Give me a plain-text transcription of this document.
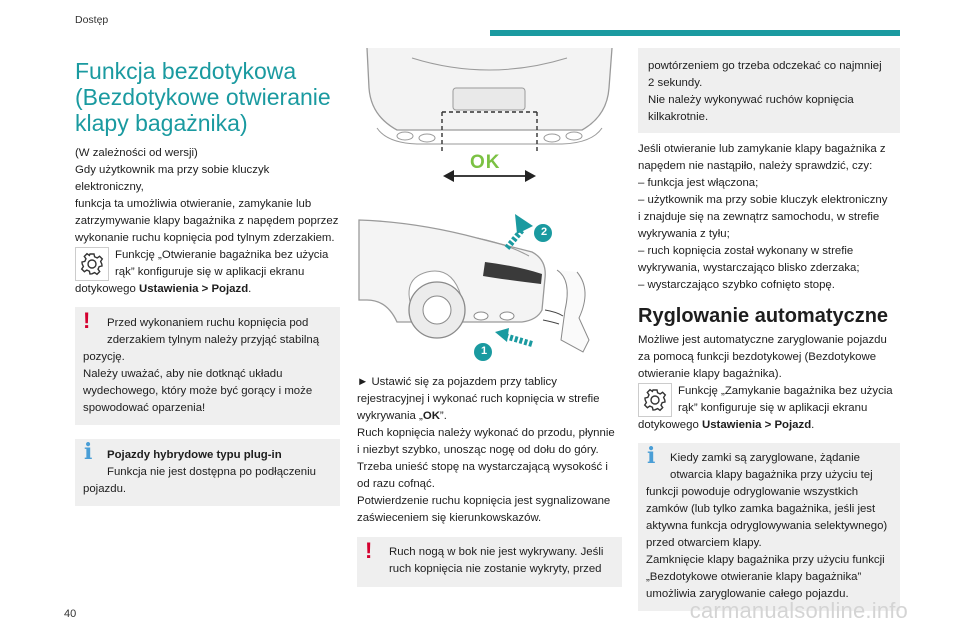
Dostęp
Funkcja bezdotykowa
(Bezdotykowe otwieranie
klapy bagażnika)

(W zależności od wersji)
Gdy użytkownik ma przy sobie kluczyk elektroniczny,
funkcja ta umożliwia otwieranie, zamykanie lub
zatrzymywanie klapy bagażnika z napędem poprzez
wykonanie ruchu kopnięcia pod tylnym zderzakiem.

Funkcję „Otwieranie bagażnika bez użycia
rąk” konfiguruje się w aplikacji ekranu

dotykowego Ustawienia > Pojazd.

! Przed wykonaniem ruchu kopnięcia pod
zderzakiem tylnym należy przyjąć stabilną

pozycję.
Należy uważać, aby nie dotknąć układu
wydechowego, który może być gorący i może
spowodować oparzenia!

i Pojazdy hybrydowe typu plug-in
Funkcja nie jest dostępna po podłączeniu

pojazdu.

OK
2
1

► Ustawić się za pojazdem przy tablicy
rejestracyjnej i wykonać ruch kopnięcia w strefie
wykrywania „OK”.
Ruch kopnięcia należy wykonać do przodu, płynnie
i niezbyt szybko, unosząc nogę od dołu do góry.
Trzeba unieść stopę na wystarczającą wysokość i
od razu cofnąć.
Potwierdzenie ruchu kopnięcia jest sygnalizowane
zaświeceniem się kierunkowskazów.

! Ruch nogą w bok nie jest wykrywany. Jeśli
ruch kopnięcia nie zostanie wykryty, przed

powtórzeniem go trzeba odczekać co najmniej
2 sekundy.
Nie należy wykonywać ruchów kopnięcia
kilkakrotnie.

Jeśli otwieranie lub zamykanie klapy bagażnika z
napędem nie nastąpiło, należy sprawdzić, czy:
– funkcja jest włączona;
– użytkownik ma przy sobie kluczyk elektroniczny
i znajduje się na zewnątrz samochodu, w strefie
wykrywania z tyłu;
– ruch kopnięcia został wykonany w strefie
wykrywania, wystarczająco blisko zderzaka;
– wystarczająco szybko cofnięto stopę.

Ryglowanie automatyczne

Możliwe jest automatyczne zaryglowanie pojazdu
za pomocą funkcji bezdotykowej (Bezdotykowe
otwieranie klapy bagażnika).

Funkcję „Zamykanie bagażnika bez użycia
rąk” konfiguruje się w aplikacji ekranu

dotykowego Ustawienia > Pojazd.

i Kiedy zamki są zaryglowane, żądanie
otwarcia klapy bagażnika przy użyciu tej

funkcji powoduje odryglowanie wszystkich
zamków (lub tylko zamka bagażnika, jeśli jest
aktywna funkcja odryglowywania selektywnego)
przed otwarciem klapy.
Zamknięcie klapy bagażnika przy użyciu funkcji
„Bezdotykowe otwieranie klapy bagażnika”
umożliwia zaryglowanie całego pojazdu.

40	carmanualsonline.info
